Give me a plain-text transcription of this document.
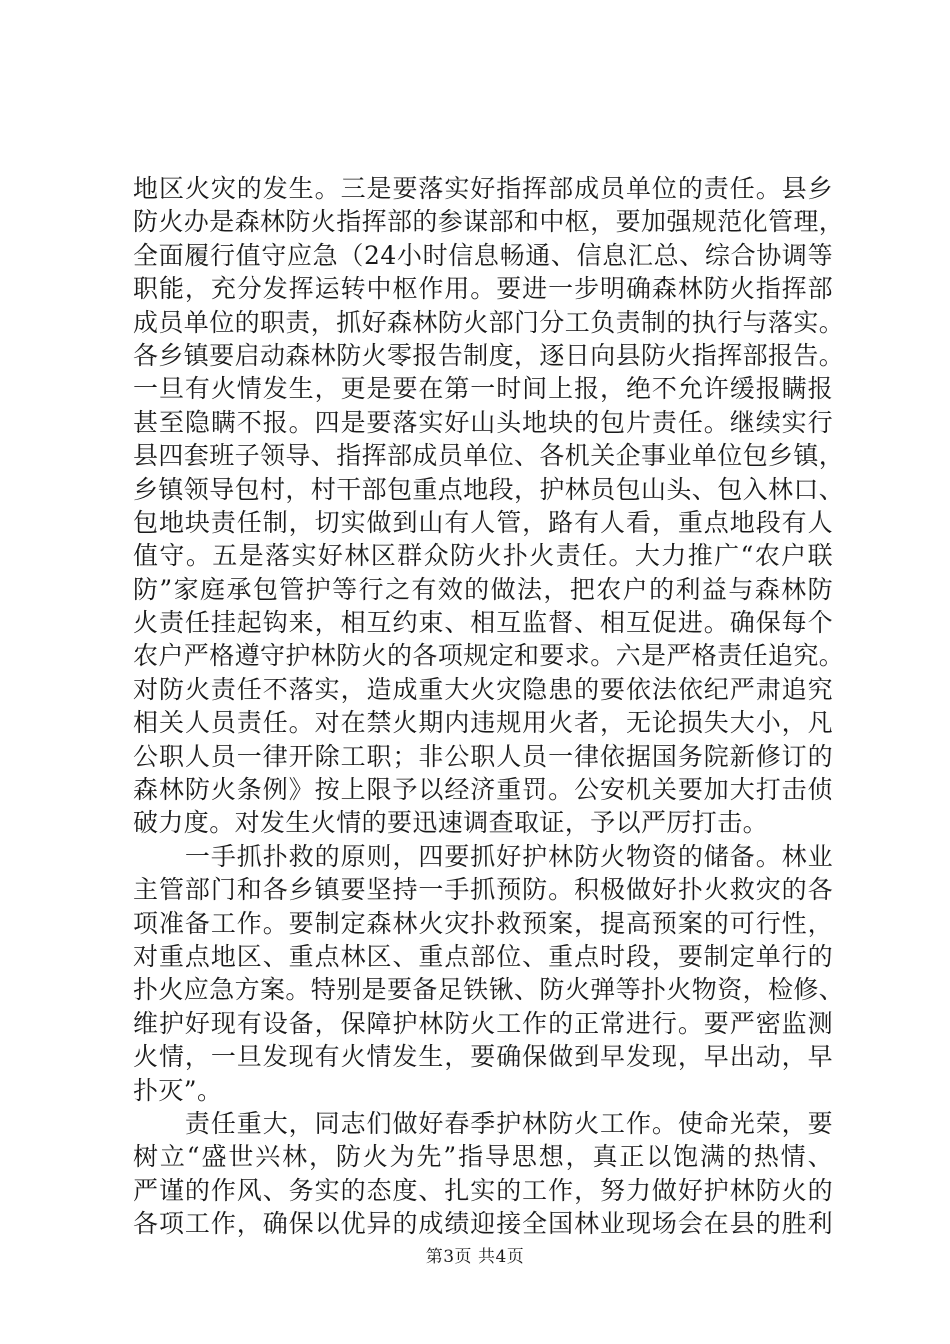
地区火灾的发生。三是要落实好指挥部成员单位的责任。县乡
防火办是森林防火指挥部的参谋部和中枢，要加强规范化管理，
全面履行值守应急（24小时信息畅通、信息汇总、综合协调等
职能，充分发挥运转中枢作用。要进一步明确森林防火指挥部
成员单位的职责，抓好森林防火部门分工负责制的执行与落实。
各乡镇要启动森林防火零报告制度，逐日向县防火指挥部报告。
一旦有火情发生，更是要在第一时间上报，绝不允许缓报瞒报
甚至隐瞒不报。四是要落实好山头地块的包片责任。继续实行
县四套班子领导、指挥部成员单位、各机关企事业单位包乡镇，
乡镇领导包村，村干部包重点地段，护林员包山头、包入林口、
包地块责任制，切实做到山有人管，路有人看，重点地段有人
值守。五是落实好林区群众防火扑火责任。大力推广“农户联
防”家庭承包管护等行之有效的做法，把农户的利益与森林防
火责任挂起钩来，相互约束、相互监督、相互促进。确保每个
农户严格遵守护林防火的各项规定和要求。六是严格责任追究。
对防火责任不落实，造成重大火灾隐患的要依法依纪严肃追究
相关人员责任。对在禁火期内违规用火者，无论损失大小，凡
公职人员一律开除工职；非公职人员一律依据国务院新修订的
森林防火条例》按上限予以经济重罚。公安机关要加大打击侦
破力度。对发生火情的要迅速调查取证，予以严厉打击。
　　一手抓扑救的原则，四要抓好护林防火物资的储备。林业
主管部门和各乡镇要坚持一手抓预防。积极做好扑火救灾的各
项准备工作。要制定森林火灾扑救预案，提高预案的可行性，
对重点地区、重点林区、重点部位、重点时段，要制定单行的
扑火应急方案。特别是要备足铁锹、防火弹等扑火物资，检修、
维护好现有设备，保障护林防火工作的正常进行。要严密监测
火情，一旦发现有火情发生，要确保做到早发现，早出动，早
扑灭”。
　　责任重大，同志们做好春季护林防火工作。使命光荣，要
树立“盛世兴林，防火为先”指导思想，真正以饱满的热情、
严谨的作风、务实的态度、扎实的工作，努力做好护林防火的
各项工作，确保以优异的成绩迎接全国林业现场会在县的胜利
第3页 共4页
